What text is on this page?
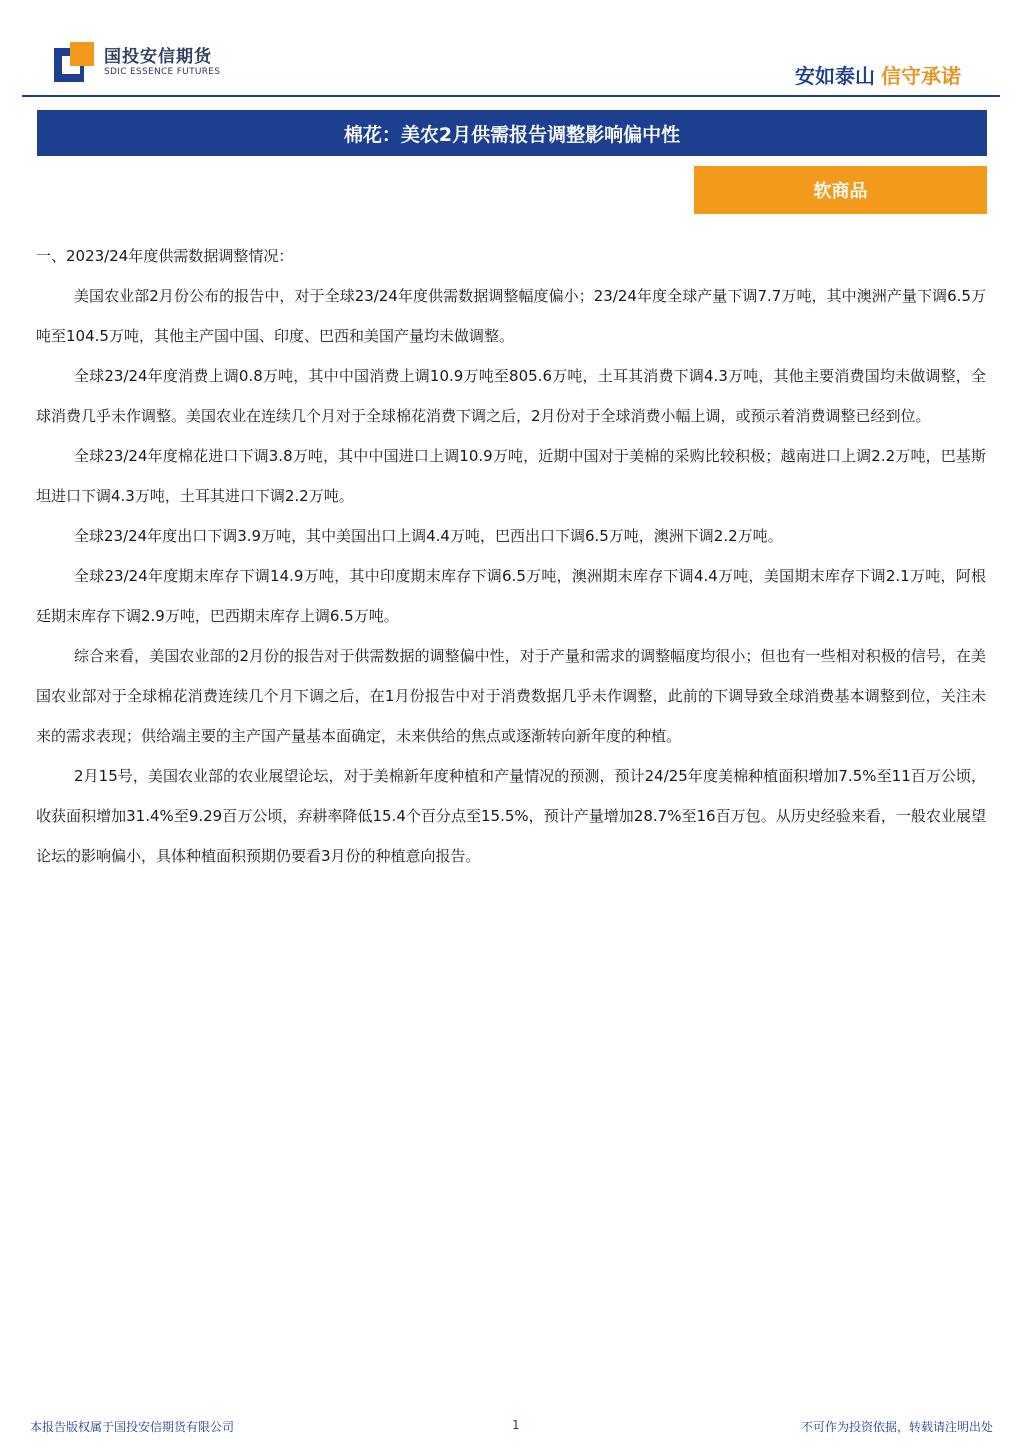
国投安信期货
SDIC ESSENCE FUTURES	安如泰山 信守承诺
棉花：美农2月供需报告调整影响偏中性
软商品

一、2023/24年度供需数据调整情况：

美国农业部2月份公布的报告中，对于全球23/24年度供需数据调整幅度偏小；23/24年度全球产量下调7.7万吨，其中澳洲产量下调6.5万吨至104.5万吨，其他主产国中国、印度、巴西和美国产量均未做调整。

全球23/24年度消费上调0.8万吨，其中中国消费上调10.9万吨至805.6万吨，土耳其消费下调4.3万吨，其他主要消费国均未做调整，全球消费几乎未作调整。美国农业在连续几个月对于全球棉花消费下调之后，2月份对于全球消费小幅上调，或预示着消费调整已经到位。

全球23/24年度棉花进口下调3.8万吨，其中中国进口上调10.9万吨，近期中国对于美棉的采购比较积极；越南进口上调2.2万吨，巴基斯坦进口下调4.3万吨，土耳其进口下调2.2万吨。

全球23/24年度出口下调3.9万吨，其中美国出口上调4.4万吨，巴西出口下调6.5万吨，澳洲下调2.2万吨。

全球23/24年度期末库存下调14.9万吨，其中印度期末库存下调6.5万吨，澳洲期末库存下调4.4万吨，美国期末库存下调2.1万吨，阿根廷期末库存下调2.9万吨，巴西期末库存上调6.5万吨。

综合来看，美国农业部的2月份的报告对于供需数据的调整偏中性，对于产量和需求的调整幅度均很小；但也有一些相对积极的信号，在美国农业部对于全球棉花消费连续几个月下调之后，在1月份报告中对于消费数据几乎未作调整，此前的下调导致全球消费基本调整到位，关注未来的需求表现；供给端主要的主产国产量基本面确定，未来供给的焦点或逐渐转向新年度的种植。

2月15号，美国农业部的农业展望论坛，对于美棉新年度种植和产量情况的预测，预计24/25年度美棉种植面积增加7.5%至11百万公顷，收获面积增加31.4%至9.29百万公顷，弃耕率降低15.4个百分点至15.5%，预计产量增加28.7%至16百万包。从历史经验来看，一般农业展望论坛的影响偏小，具体种植面积预期仍要看3月份的种植意向报告。

本报告版权属于国投安信期货有限公司	1	不可作为投资依据，转载请注明出处
